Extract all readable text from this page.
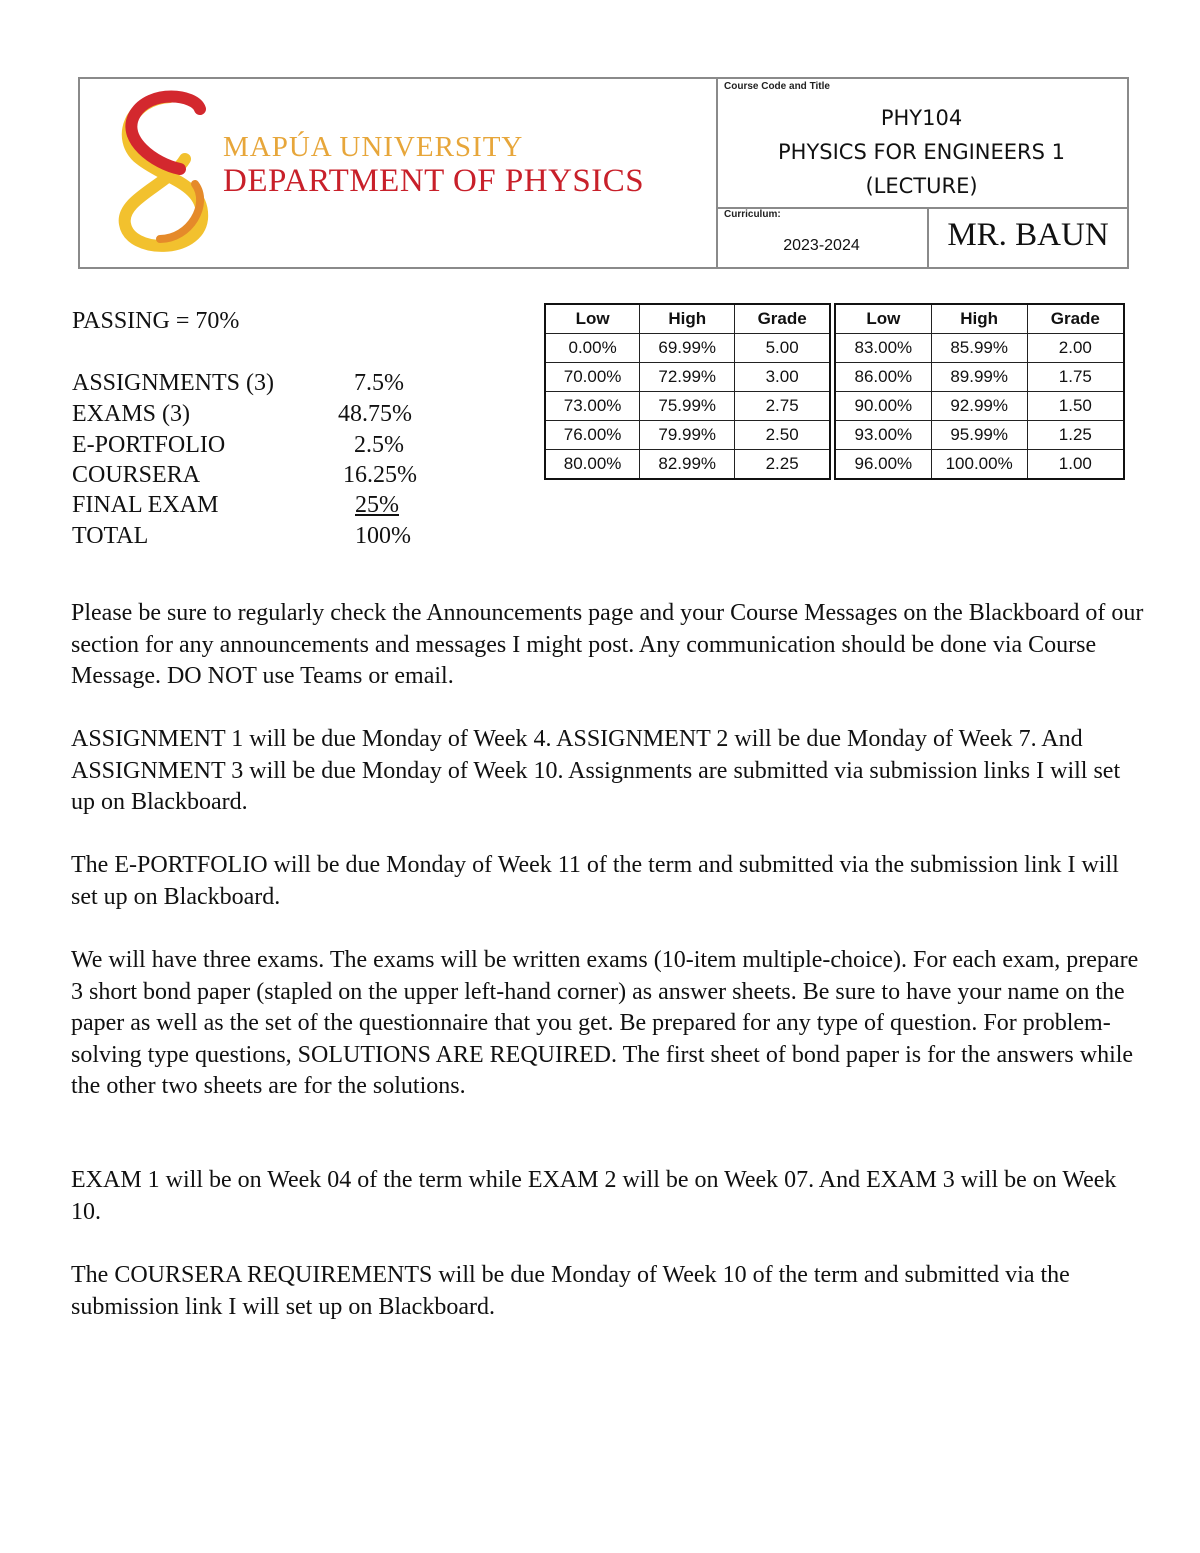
MAPÚA UNIVERSITY
DEPARTMENT OF PHYSICS
Course Code and Title
PHY104
PHYSICS FOR ENGINEERS 1
(LECTURE)
Curriculum:
2023-2024	MR. BAUN
PASSING = 70%
ASSIGNMENTS (3)	7.5%
EXAMS (3)	48.75%
E-PORTFOLIO	2.5%
COURSERA	16.25%
FINAL EXAM	25%
TOTAL	100%
Low	High	Grade
0.00%	69.99%	5.00
70.00%	72.99%	3.00
73.00%	75.99%	2.75
76.00%	79.99%	2.50
80.00%	82.99%	2.25
Low	High	Grade
83.00%	85.99%	2.00
86.00%	89.99%	1.75
90.00%	92.99%	1.50
93.00%	95.99%	1.25
96.00%	100.00%	1.00
Please be sure to regularly check the Announcements page and your Course Messages on the Blackboard of our section for any announcements and messages I might post. Any communication should be done via Course Message. DO NOT use Teams or email.
ASSIGNMENT 1 will be due Monday of Week 4. ASSIGNMENT 2 will be due Monday of Week 7. And ASSIGNMENT 3 will be due Monday of Week 10. Assignments are submitted via submission links I will set up on Blackboard.
The E-PORTFOLIO will be due Monday of Week 11 of the term and submitted via the submission link I will set up on Blackboard.
We will have three exams. The exams will be written exams (10-item multiple-choice). For each exam, prepare 3 short bond paper (stapled on the upper left-hand corner) as answer sheets. Be sure to have your name on the paper as well as the set of the questionnaire that you get. Be prepared for any type of question. For problem-solving type questions, SOLUTIONS ARE REQUIRED. The first sheet of bond paper is for the answers while the other two sheets are for the solutions.
EXAM 1 will be on Week 04 of the term while EXAM 2 will be on Week 07. And EXAM 3 will be on Week 10.
The COURSERA REQUIREMENTS will be due Monday of Week 10 of the term and submitted via the submission link I will set up on Blackboard.
